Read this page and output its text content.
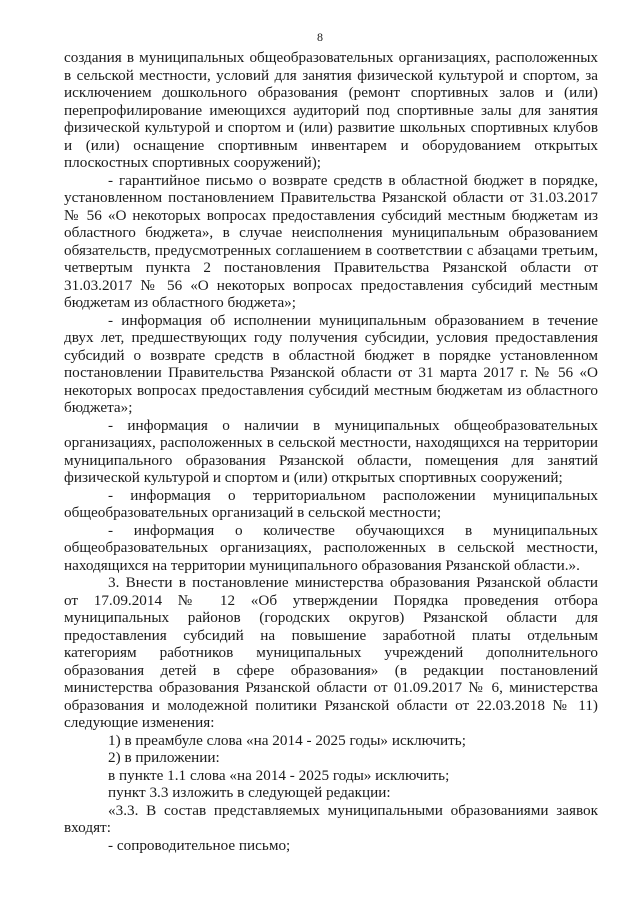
8

создания в муниципальных общеобразовательных организациях, расположенных в сельской местности, условий для занятия физической культурой и спортом, за исключением дошкольного образования (ремонт спортивных залов и (или) перепрофилирование имеющихся аудиторий под спортивные залы для занятия физической культурой и спортом и (или) развитие школьных спортивных клубов и (или) оснащение спортивным инвентарем и оборудованием открытых плоскостных спортивных сооружений);

- гарантийное письмо о возврате средств в областной бюджет в порядке, установленном постановлением Правительства Рязанской области от 31.03.2017 № 56 «О некоторых вопросах предоставления субсидий местным бюджетам из областного бюджета», в случае неисполнения муниципальным образованием обязательств, предусмотренных соглашением в соответствии с абзацами третьим, четвертым пункта 2 постановления Правительства Рязанской области от 31.03.2017 № 56 «О некоторых вопросах предоставления субсидий местным бюджетам из областного бюджета»;

- информация об исполнении муниципальным образованием в течение двух лет, предшествующих году получения субсидии, условия предоставления субсидий о возврате средств в областной бюджет в порядке установленном постановлении Правительства Рязанской области от 31 марта 2017 г. № 56 «О некоторых вопросах предоставления субсидий местным бюджетам из областного бюджета»;

- информация о наличии в муниципальных общеобразовательных организациях, расположенных в сельской местности, находящихся на территории муниципального образования Рязанской области, помещения для занятий физической культурой и спортом и (или) открытых спортивных сооружений;

- информация о территориальном расположении муниципальных общеобразовательных организаций в сельской местности;

- информация о количестве обучающихся в муниципальных общеобразовательных организациях, расположенных в сельской местности, находящихся на территории муниципального образования Рязанской области.».

3. Внести в постановление министерства образования Рязанской области от 17.09.2014 № 12 «Об утверждении Порядка проведения отбора муниципальных районов (городских округов) Рязанской области для предоставления субсидий на повышение заработной платы отдельным категориям работников муниципальных учреждений дополнительного образования детей в сфере образования» (в редакции постановлений министерства образования Рязанской области от 01.09.2017 № 6, министерства образования и молодежной политики Рязанской области от 22.03.2018 № 11) следующие изменения:

1) в преамбуле слова «на 2014 - 2025 годы» исключить;

2) в приложении:

в пункте 1.1 слова «на 2014 - 2025 годы» исключить;

пункт 3.3 изложить в следующей редакции:

«3.3. В состав представляемых муниципальными образованиями заявок входят:

- сопроводительное письмо;
